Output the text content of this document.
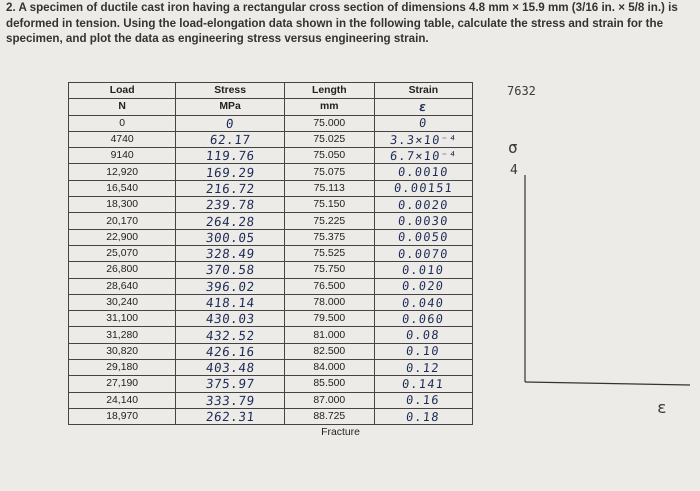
2. A specimen of ductile cast iron having a rectangular cross section of dimensions 4.8 mm × 15.9 mm (3/16 in. × 5/8 in.) is deformed in tension. Using the load-elongation data shown in the following table, calculate the stress and strain for the specimen, and plot the data as engineering stress versus engineering strain.

Load	Stress	Length	Strain
N	MPa	mm	ε
0	0	75.000	0
4740	62.17	75.025	3.3×10⁻⁴
9140	119.76	75.050	6.7×10⁻⁴
12,920	169.29	75.075	0.0010
16,540	216.72	75.113	0.00151
18,300	239.78	75.150	0.0020
20,170	264.28	75.225	0.0030
22,900	300.05	75.375	0.0050
25,070	328.49	75.525	0.0070
26,800	370.58	75.750	0.010
28,640	396.02	76.500	0.020
30,240	418.14	78.000	0.040
31,100	430.03	79.500	0.060
31,280	432.52	81.000	0.08
30,820	426.16	82.500	0.10
29,180	403.48	84.000	0.12
27,190	375.97	85.500	0.141
24,140	333.79	87.000	0.16
18,970	262.31	88.725	0.18
Fracture
7632
σ
4
ε
